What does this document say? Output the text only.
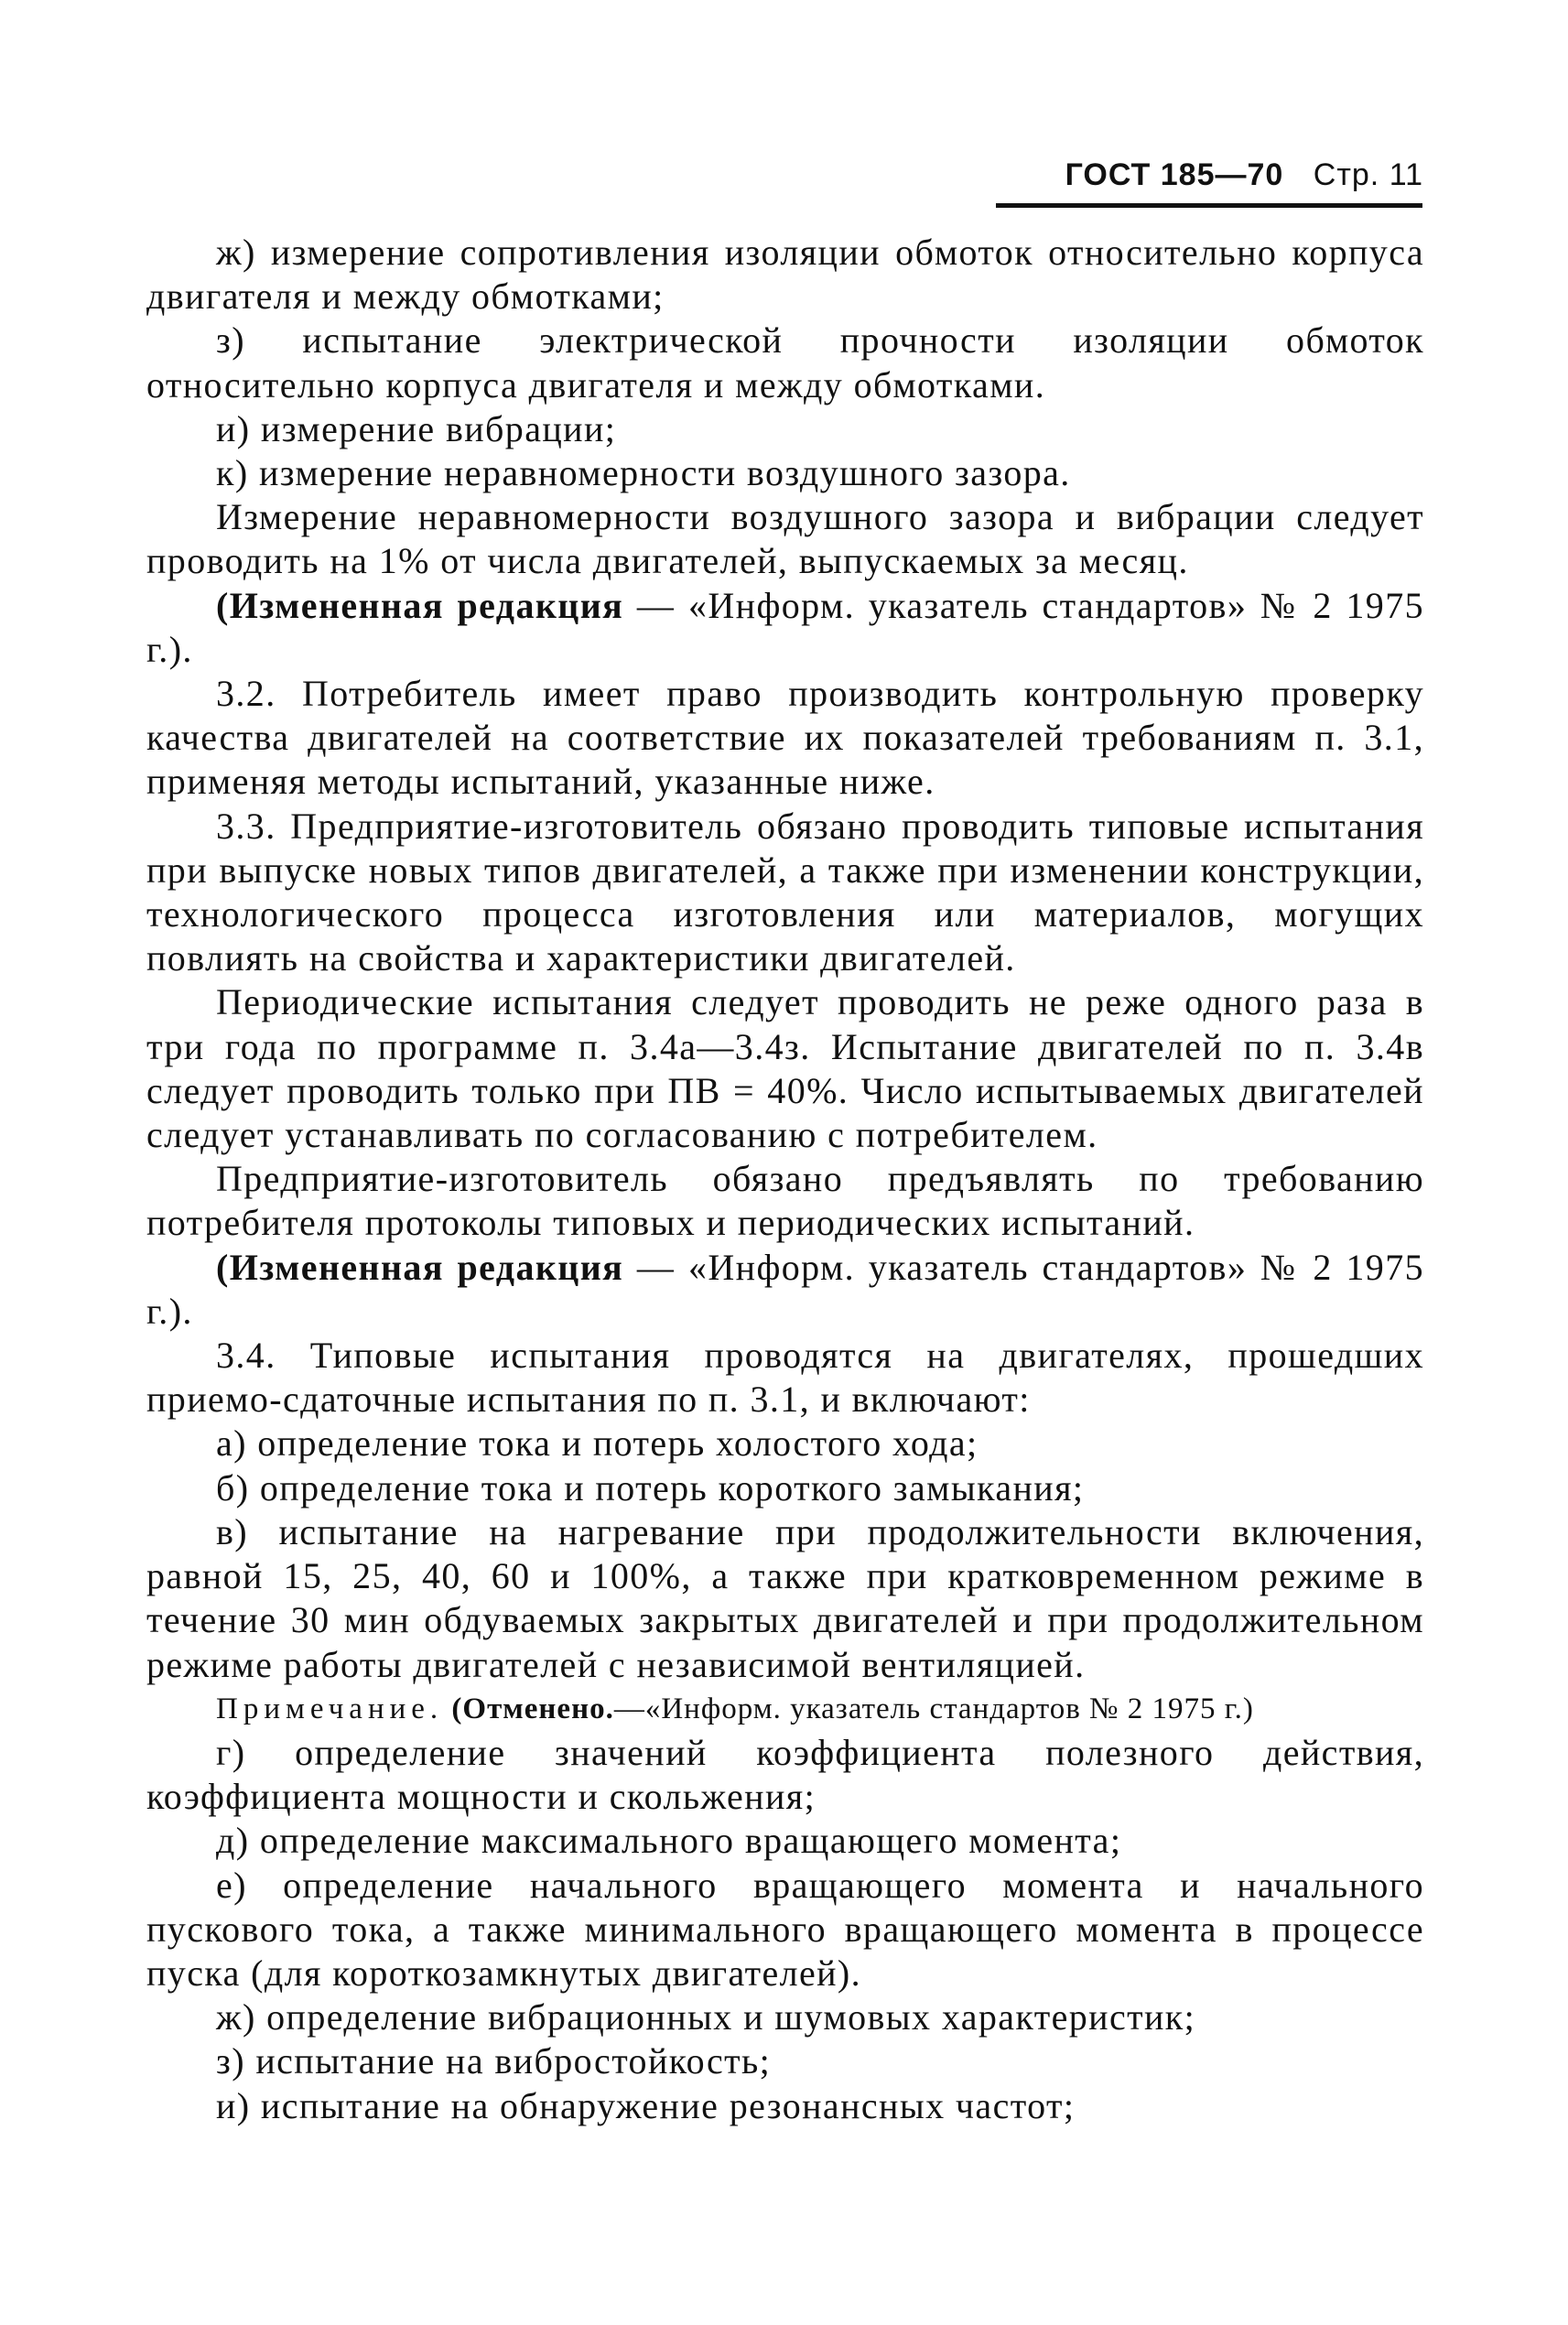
ГОСТ 185—70 Стр. 11

ж) измерение сопротивления изоляции обмоток относительно корпуса двигателя и между обмотками;

з) испытание электрической прочности изоляции обмоток относительно корпуса двигателя и между обмотками.

и) измерение вибрации;

к) измерение неравномерности воздушного зазора.

Измерение неравномерности воздушного зазора и вибрации следует проводить на 1% от числа двигателей, выпускаемых за месяц.

(Измененная редакция — «Информ. указатель стандартов» № 2 1975 г.).

3.2. Потребитель имеет право производить контрольную проверку качества двигателей на соответствие их показателей требованиям п. 3.1, применяя методы испытаний, указанные ниже.

3.3. Предприятие-изготовитель обязано проводить типовые испытания при выпуске новых типов двигателей, а также при изменении конструкции, технологического процесса изготовления или материалов, могущих повлиять на свойства и характеристики двигателей.

Периодические испытания следует проводить не реже одного раза в три года по программе п. 3.4а—3.4з. Испытание двигателей по п. 3.4в следует проводить только при ПВ = 40%. Число испытываемых двигателей следует устанавливать по согласованию с потребителем.

Предприятие-изготовитель обязано предъявлять по требованию потребителя протоколы типовых и периодических испытаний.

(Измененная редакция — «Информ. указатель стандартов» № 2 1975 г.).

3.4. Типовые испытания проводятся на двигателях, прошедших приемо-сдаточные испытания по п. 3.1, и включают:

а) определение тока и потерь холостого хода;

б) определение тока и потерь короткого замыкания;

в) испытание на нагревание при продолжительности включения, равной 15, 25, 40, 60 и 100%, а также при кратковременном режиме в течение 30 мин обдуваемых закрытых двигателей и при продолжительном режиме работы двигателей с независимой вентиляцией.

Примечание. (Отменено.—«Информ. указатель стандартов № 2 1975 г.)

г) определение значений коэффициента полезного действия, коэффициента мощности и скольжения;

д) определение максимального вращающего момента;

е) определение начального вращающего момента и начального пускового тока, а также минимального вращающего момента в процессе пуска (для короткозамкнутых двигателей).

ж) определение вибрационных и шумовых характеристик;

з) испытание на вибростойкость;

и) испытание на обнаружение резонансных частот;
